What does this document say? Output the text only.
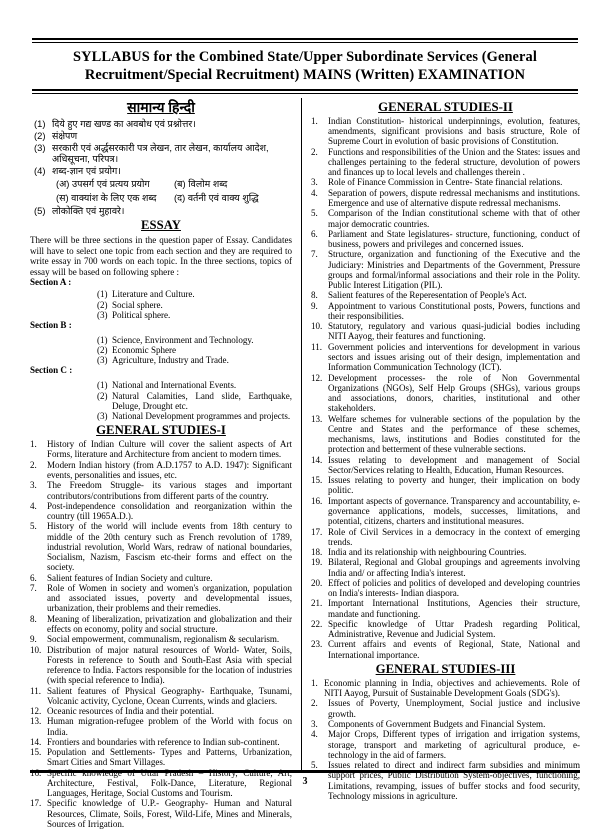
SYLLABUS for the Combined State/Upper Subordinate Services (General
Recruitment/Special Recruitment) MAINS (Written) EXAMINATION
सामान्य हिन्दी
(1) दिये हुए गद्य खण्ड का अवबोध एवं प्रश्नोत्तर।
(2) संक्षेपण
(3) सरकारी एवं अर्द्धसरकारी पत्र लेखन, तार लेखन, कार्यालय आदेश, अधिसूचना, परिपत्र।
(4) शब्द-ज्ञान एवं प्रयोग।
(अ) उपसर्ग एवं प्रत्यय प्रयोग	(ब) विलोम शब्द
(स) वाक्यांश के लिए एक शब्द	(द) वर्तनी एवं वाक्य शुद्धि
(5) लोकोक्ति एवं मुहावरे।
ESSAY
There will be three sections in the question paper of Essay. Candidates will have to select one topic from each section and they are required to write essay in 700 words on each topic. In the three sections, topics of essay will be based on following sphere :
Section A :
(1) Literature and Culture.
(2) Social sphere.
(3) Political sphere.
Section B :
(1) Science, Environment and Technology.
(2) Economic Sphere
(3) Agriculture, Industry and Trade.
Section C :
(1) National and International Events.
(2) Natural Calamities, Land slide, Earthquake, Deluge, Drought etc.
(3) National Development programmes and projects.
GENERAL STUDIES-I
1.	History of Indian Culture will cover the salient aspects of Art Forms, literature and Architecture from ancient to modern times.
2.	Modern Indian history (from A.D.1757 to A.D. 1947): Significant events, personalities and issues, etc.
3.	The Freedom Struggle- its various stages and important contributors/contributions from different parts of the country.
4.	Post-independence consolidation and reorganization within the country (till 1965A.D.).
5.	History of the world will include events from 18th century to middle of the 20th century such as French revolution of 1789, industrial revolution, World Wars, redraw of national boundaries, Socialism, Nazism, Fascism etc-their forms and effect on the society.
6.	Salient features of Indian Society and culture.
7.	Role of Women in society and women's organization, population and associated issues, poverty and developmental issues, urbanization, their problems and their remedies.
8.	Meaning of liberalization, privatization and globalization and their effects on economy, polity and social structure.
9.	Social empowerment, communalism, regionalism & secularism.
10. Distribution of major natural resources of World- Water, Soils, Forests in reference to South and South-East Asia with special reference to India. Factors responsible for the location of industries (with special reference to India).
11. Salient features of Physical Geography- Earthquake, Tsunami, Volcanic activity, Cyclone, Ocean Currents, winds and glaciers.
12. Oceanic resources of India and their potential.
13. Human migration-refugee problem of the World with focus on India.
14. Frontiers and boundaries with reference to Indian sub-continent.
15. Population and Settlements- Types and Patterns, Urbanization, Smart Cities and Smart Villages.
16. Specific knowledge of Uttar Pradesh – History, Culture, Art, Architecture, Festival, Folk-Dance, Literature, Regional Languages, Heritage, Social Customs and Tourism.
17. Specific knowledge of U.P.- Geography- Human and Natural Resources, Climate, Soils, Forest, Wild-Life, Mines and Minerals, Sources of Irrigation.
GENERAL STUDIES-II
1.	Indian Constitution- historical underpinnings, evolution, features, amendments, significant provisions and basis structure, Role of Supreme Court in evolution of basic provisions of Constitution.
2.	Functions and responsibilities of the Union and the States: issues and challenges pertaining to the federal structure, devolution of powers and finances up to local levels and challenges therein .
3.	Role of Finance Commission in Centre- State financial relations.
4.	Separation of powers, dispute redressal mechanisms and institutions. Emergence and use of alternative dispute redressal mechanisms.
5.	Comparison of the Indian constitutional scheme with that of other major democratic countries.
6.	Parliament and State legislatures- structure, functioning, conduct of business, powers and privileges and concerned issues.
7.	Structure, organization and functioning of the Executive and the Judiciary: Ministries and Departments of the Government, Pressure groups and formal/informal associations and their role in the Polity. Public Interest Litigation (PIL).
8.	Salient features of the Reperesentation of People's Act.
9.	Appointment to various Constitutional posts, Powers, functions and their responsibilities.
10. Statutory, regulatory and various quasi-judicial bodies including NITI Aayog, their features and functioning.
11. Government policies and interventions for development in various sectors and issues arising out of their design, implementation and Information Communication Technology (ICT).
12. Development processes- the role of Non Governmental Organizations (NGOs), Self Help Groups (SHGs), various groups and associations, donors, charities, institutional and other stakeholders.
13. Welfare schemes for vulnerable sections of the population by the Centre and States and the performance of these schemes, mechanisms, laws, institutions and Bodies constituted for the protection and betterment of these vulnerable sections.
14. Issues relating to development and management of Social Sector/Services relating to Health, Education, Human Resources.
15. Issues relating to poverty and hunger, their implication on body politic.
16. Important aspects of governance. Transparency and accountability, e-governance applications, models, successes, limitations, and potential, citizens, charters and institutional measures.
17. Role of Civil Services in a democracy in the context of emerging trends.
18. India and its relationship with neighbouring Countries.
19. Bilateral, Regional and Global groupings and agreements involving India and/ or affecting India's interest.
20. Effect of policies and politics of developed and developing countries on India's interests- Indian diaspora.
21. Important International Institutions, Agencies their structure, mandate and functioning.
22. Specific knowledge of Uttar Pradesh regarding Political, Administrative, Revenue and Judicial System.
23. Current affairs and events of Regional, State, National and International importance.
GENERAL STUDIES-III
1. Economic planning in India, objectives and achievements. Role of NITI Aayog, Pursuit of Sustainable Development Goals (SDG's).
2.	Issues of Poverty, Unemployment, Social justice and inclusive growth.
3.	Components of Government Budgets and Financial System.
4.	Major Crops, Different types of irrigation and irrigation systems, storage, transport and marketing of agricultural produce, e-technology in the aid of farmers.
5.	Issues related to direct and indirect farm subsidies and minimum support prices, Public Distribution System-objectives, functioning, Limitations, revamping, issues of buffer stocks and food security, Technology missions in agriculture.
3
